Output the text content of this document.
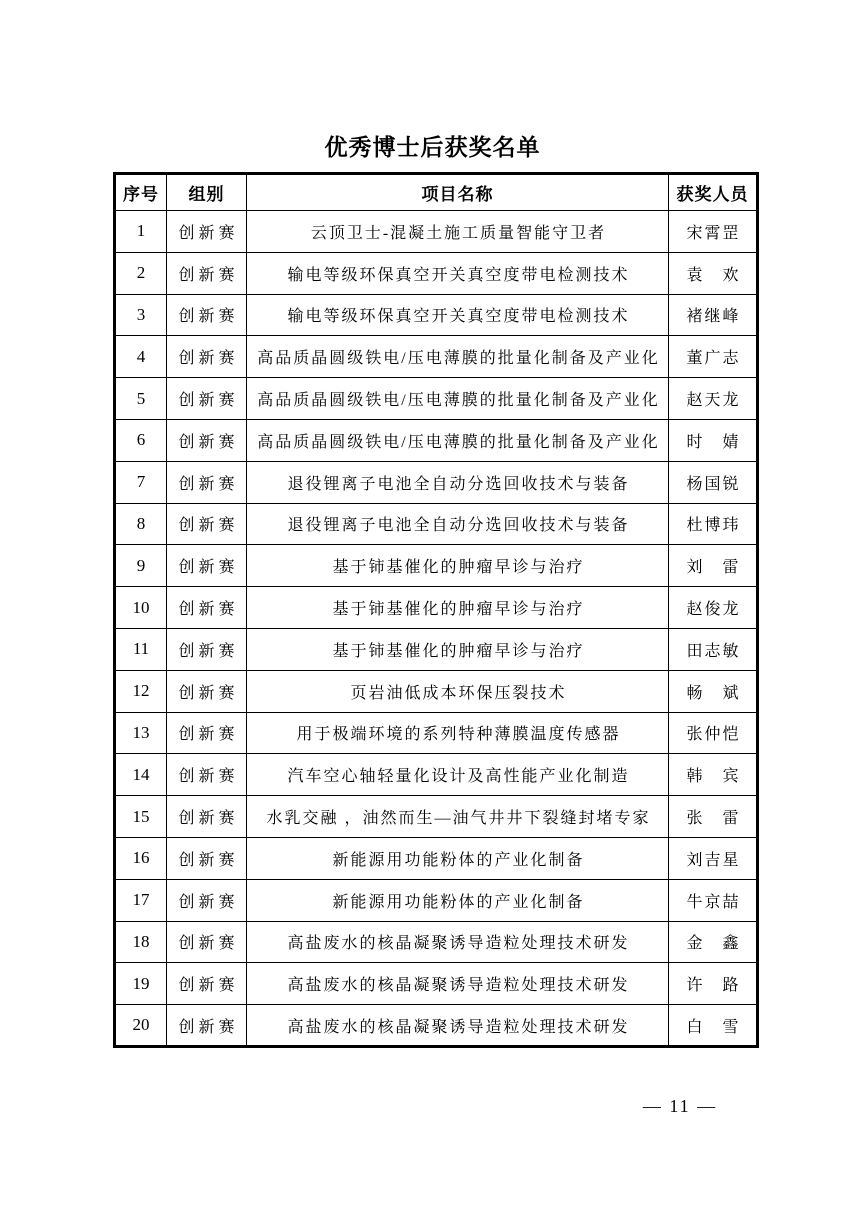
优秀博士后获奖名单
序号	组别	项目名称	获奖人员
1	创新赛	云顶卫士-混凝土施工质量智能守卫者	宋霄罡
2	创新赛	输电等级环保真空开关真空度带电检测技术	袁　欢
3	创新赛	输电等级环保真空开关真空度带电检测技术	褚继峰
4	创新赛	高品质晶圆级铁电/压电薄膜的批量化制备及产业化	董广志
5	创新赛	高品质晶圆级铁电/压电薄膜的批量化制备及产业化	赵天龙
6	创新赛	高品质晶圆级铁电/压电薄膜的批量化制备及产业化	时　婧
7	创新赛	退役锂离子电池全自动分选回收技术与装备	杨国锐
8	创新赛	退役锂离子电池全自动分选回收技术与装备	杜博玮
9	创新赛	基于铈基催化的肿瘤早诊与治疗	刘　雷
10	创新赛	基于铈基催化的肿瘤早诊与治疗	赵俊龙
11	创新赛	基于铈基催化的肿瘤早诊与治疗	田志敏
12	创新赛	页岩油低成本环保压裂技术	畅　斌
13	创新赛	用于极端环境的系列特种薄膜温度传感器	张仲恺
14	创新赛	汽车空心轴轻量化设计及高性能产业化制造	韩　宾
15	创新赛	水乳交融 ，油然而生—油气井井下裂缝封堵专家	张　雷
16	创新赛	新能源用功能粉体的产业化制备	刘吉星
17	创新赛	新能源用功能粉体的产业化制备	牛京喆
18	创新赛	高盐废水的核晶凝聚诱导造粒处理技术研发	金　鑫
19	创新赛	高盐废水的核晶凝聚诱导造粒处理技术研发	许　路
20	创新赛	高盐废水的核晶凝聚诱导造粒处理技术研发	白　雪
— 11 —
